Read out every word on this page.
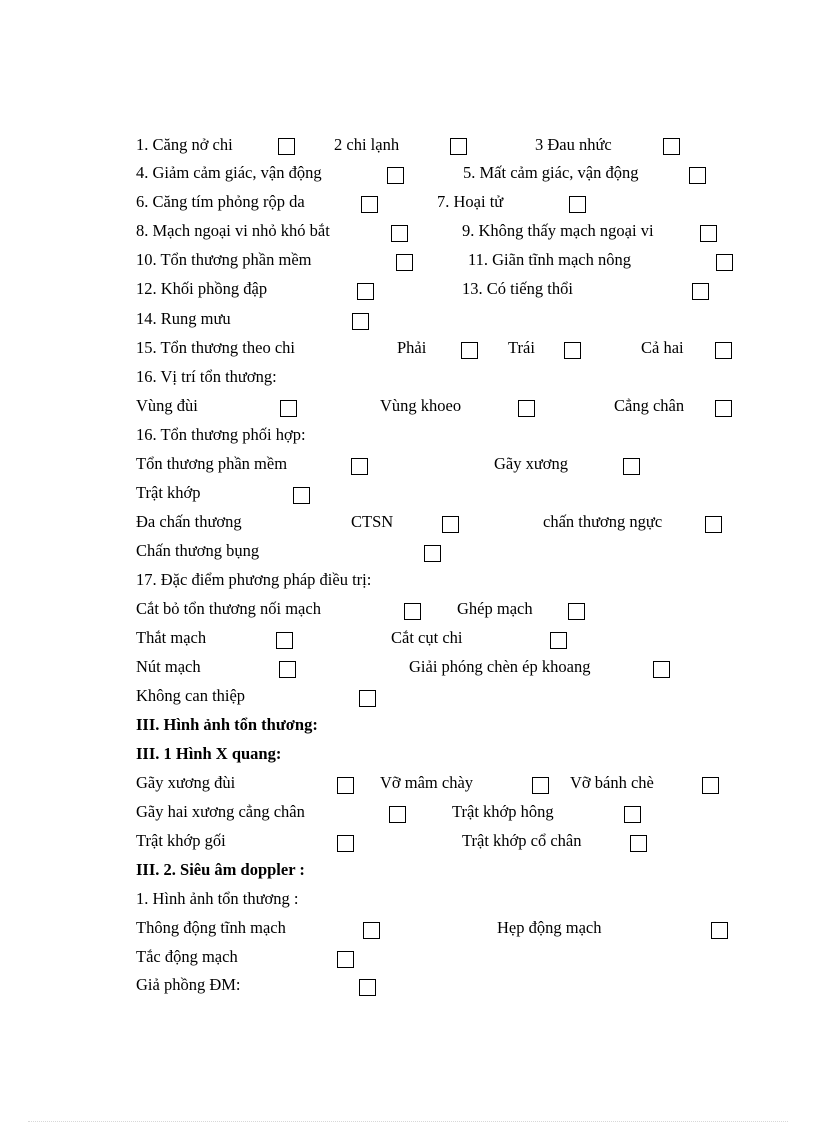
1. Căng nở chi	2 chi lạnh	3 Đau nhức
4. Giảm cảm giác, vận động	5. Mất cảm giác, vận động
6. Căng tím phỏng rộp da	7. Hoại tử
8. Mạch ngoại vi nhỏ khó bắt	9. Không thấy mạch ngoại vi
10. Tổn thương phần mềm	11. Giãn tĩnh mạch nông
12. Khối phồng đập	13. Có tiếng thổi
14. Rung mưu
15. Tổn thương theo chi	Phải	Trái	Cả hai
16. Vị trí tổn thương:
Vùng đùi	Vùng khoeo	Cẳng chân
16. Tổn thương phối hợp:
Tổn thương phần mềm	Gãy xương
Trật khớp
Đa chấn thương	CTSN	chấn thương ngực
Chấn thương bụng
17. Đặc điểm phương pháp điều trị:
Cắt bỏ tổn thương nối mạch	Ghép mạch
Thắt mạch	Cắt cụt chi
Nút mạch	Giải phóng chèn ép khoang
Không can thiệp
III. Hình ảnh tổn thương:
III. 1 Hình X quang:
Gãy xương đùi	Vỡ mâm chày	Vỡ bánh chè
Gãy hai xương cẳng chân	Trật khớp hông
Trật khớp gối	Trật khớp cổ chân
III. 2. Siêu âm doppler :
1. Hình ảnh tổn thương :
Thông động tĩnh mạch	Hẹp động mạch
Tắc động mạch
Giả phồng ĐM:
